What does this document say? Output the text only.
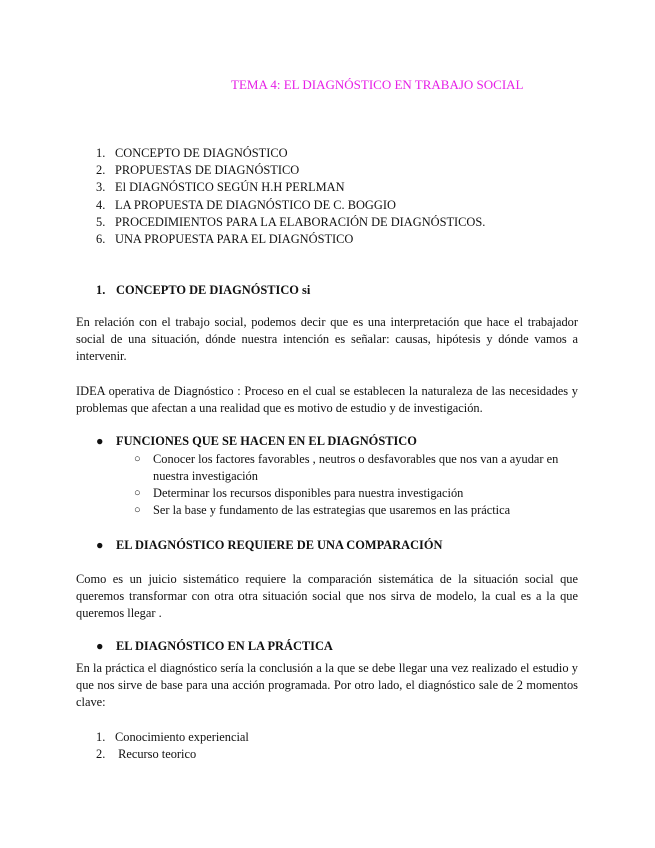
TEMA 4: EL DIAGNÓSTICO EN TRABAJO SOCIAL
1. CONCEPTO DE DIAGNÓSTICO
2. PROPUESTAS DE DIAGNÓSTICO
3. El DIAGNÓSTICO SEGÚN H.H PERLMAN
4. LA PROPUESTA DE DIAGNÓSTICO DE C. BOGGIO
5. PROCEDIMIENTOS PARA LA ELABORACIÓN DE DIAGNÓSTICOS.
6. UNA PROPUESTA PARA EL DIAGNÓSTICO
1. CONCEPTO DE DIAGNÓSTICO si
En relación con el trabajo social, podemos decir que es una interpretación que hace el trabajador social de una situación, dónde nuestra intención es señalar: causas, hipótesis y dónde vamos a intervenir.
IDEA operativa de Diagnóstico : Proceso en el cual se establecen la naturaleza de las necesidades y problemas que afectan a una realidad que es motivo de estudio y de investigación.
● FUNCIONES QUE SE HACEN EN EL DIAGNÓSTICO
○ Conocer los factores favorables , neutros o desfavorables que nos van a ayudar en nuestra investigación
○ Determinar los recursos disponibles para nuestra investigación
○ Ser la base y fundamento de las estrategias que usaremos en las práctica
● EL DIAGNÓSTICO REQUIERE DE UNA COMPARACIÓN
Como es un juicio sistemático requiere la comparación sistemática de la situación social que queremos transformar con otra otra situación social que nos sirva de modelo, la cual es a la que queremos llegar .
● EL DIAGNÓSTICO EN LA PRÁCTICA
En la práctica el diagnóstico sería la conclusión a la que se debe llegar una vez realizado el estudio y que nos sirve de base para una acción programada. Por otro lado, el diagnóstico sale de 2 momentos clave:
1. Conocimiento experiencial
2. Recurso teorico
